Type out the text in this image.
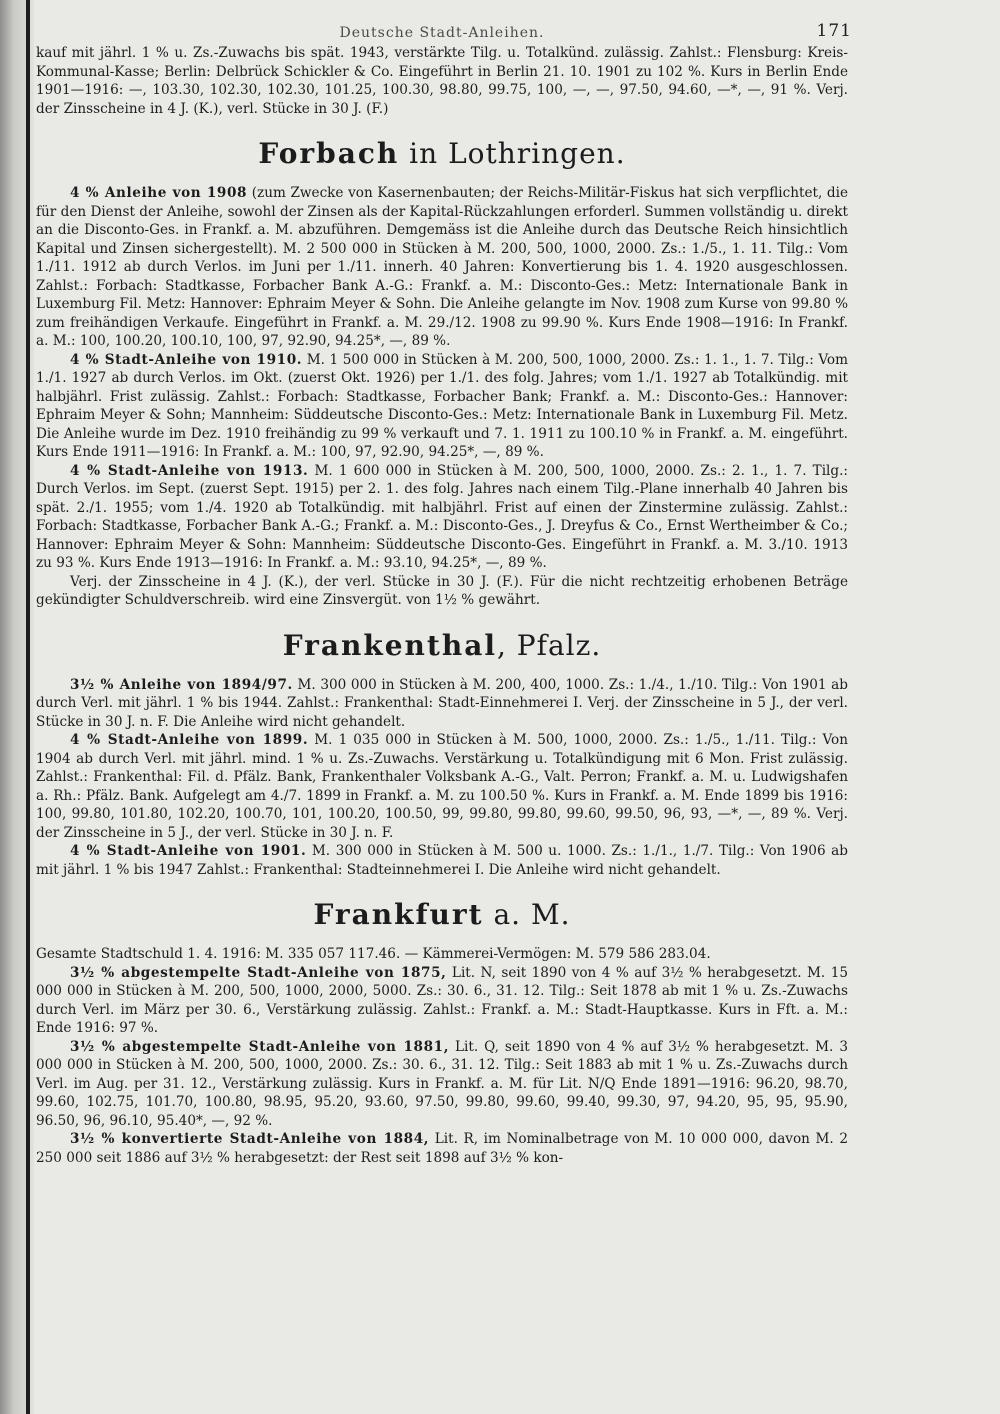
Deutsche Stadt-Anleihen.	171

kauf mit jährl. 1 % u. Zs.-Zuwachs bis spät. 1943, verstärkte Tilg. u. Totalkünd. zulässig. Zahlst.: Flensburg: Kreis-Kommunal-Kasse; Berlin: Delbrück Schickler & Co. Eingeführt in Berlin 21. 10. 1901 zu 102 %. Kurs in Berlin Ende 1901—1916: —, 103.30, 102.30, 102.30, 101.25, 100.30, 98.80, 99.75, 100, —, —, 97.50, 94.60, —*, —, 91 %. Verj. der Zinsscheine in 4 J. (K.), verl. Stücke in 30 J. (F.)

Forbach in Lothringen.

4 % Anleihe von 1908 (zum Zwecke von Kasernenbauten; der Reichs-Militär-Fiskus hat sich verpflichtet, die für den Dienst der Anleihe, sowohl der Zinsen als der Kapital-Rückzahlungen erforderl. Summen vollständig u. direkt an die Disconto-Ges. in Frankf. a. M. abzuführen. Demgemäss ist die Anleihe durch das Deutsche Reich hinsichtlich Kapital und Zinsen sichergestellt). M. 2 500 000 in Stücken à M. 200, 500, 1000, 2000. Zs.: 1./5., 1. 11. Tilg.: Vom 1./11. 1912 ab durch Verlos. im Juni per 1./11. innerh. 40 Jahren: Konvertierung bis 1. 4. 1920 ausgeschlossen. Zahlst.: Forbach: Stadtkasse, Forbacher Bank A.-G.: Frankf. a. M.: Disconto-Ges.: Metz: Internationale Bank in Luxemburg Fil. Metz: Hannover: Ephraim Meyer & Sohn. Die Anleihe gelangte im Nov. 1908 zum Kurse von 99.80 % zum freihändigen Verkaufe. Eingeführt in Frankf. a. M. 29./12. 1908 zu 99.90 %. Kurs Ende 1908—1916: In Frankf. a. M.: 100, 100.20, 100.10, 100, 97, 92.90, 94.25*, —, 89 %.

4 % Stadt-Anleihe von 1910. M. 1 500 000 in Stücken à M. 200, 500, 1000, 2000. Zs.: 1. 1., 1. 7. Tilg.: Vom 1./1. 1927 ab durch Verlos. im Okt. (zuerst Okt. 1926) per 1./1. des folg. Jahres; vom 1./1. 1927 ab Totalkündig. mit halbjährl. Frist zulässig. Zahlst.: Forbach: Stadtkasse, Forbacher Bank; Frankf. a. M.: Disconto-Ges.: Hannover: Ephraim Meyer & Sohn; Mannheim: Süddeutsche Disconto-Ges.: Metz: Internationale Bank in Luxemburg Fil. Metz. Die Anleihe wurde im Dez. 1910 freihändig zu 99 % verkauft und 7. 1. 1911 zu 100.10 % in Frankf. a. M. eingeführt. Kurs Ende 1911—1916: In Frankf. a. M.: 100, 97, 92.90, 94.25*, —, 89 %.

4 % Stadt-Anleihe von 1913. M. 1 600 000 in Stücken à M. 200, 500, 1000, 2000. Zs.: 2. 1., 1. 7. Tilg.: Durch Verlos. im Sept. (zuerst Sept. 1915) per 2. 1. des folg. Jahres nach einem Tilg.-Plane innerhalb 40 Jahren bis spät. 2./1. 1955; vom 1./4. 1920 ab Totalkündig. mit halbjährl. Frist auf einen der Zinstermine zulässig. Zahlst.: Forbach: Stadtkasse, Forbacher Bank A.-G.; Frankf. a. M.: Disconto-Ges., J. Dreyfus & Co., Ernst Wertheimber & Co.; Hannover: Ephraim Meyer & Sohn: Mannheim: Süddeutsche Disconto-Ges. Eingeführt in Frankf. a. M. 3./10. 1913 zu 93 %. Kurs Ende 1913—1916: In Frankf. a. M.: 93.10, 94.25*, —, 89 %.

Verj. der Zinsscheine in 4 J. (K.), der verl. Stücke in 30 J. (F.). Für die nicht rechtzeitig erhobenen Beträge gekündigter Schuldverschreib. wird eine Zinsvergüt. von 1½ % gewährt.

Frankenthal, Pfalz.

3½ % Anleihe von 1894/97. M. 300 000 in Stücken à M. 200, 400, 1000. Zs.: 1./4., 1./10. Tilg.: Von 1901 ab durch Verl. mit jährl. 1 % bis 1944. Zahlst.: Frankenthal: Stadt-Einnehmerei I. Verj. der Zinsscheine in 5 J., der verl. Stücke in 30 J. n. F. Die Anleihe wird nicht gehandelt.

4 % Stadt-Anleihe von 1899. M. 1 035 000 in Stücken à M. 500, 1000, 2000. Zs.: 1./5., 1./11. Tilg.: Von 1904 ab durch Verl. mit jährl. mind. 1 % u. Zs.-Zuwachs. Verstärkung u. Totalkündigung mit 6 Mon. Frist zulässig. Zahlst.: Frankenthal: Fil. d. Pfälz. Bank, Frankenthaler Volksbank A.-G., Valt. Perron; Frankf. a. M. u. Ludwigshafen a. Rh.: Pfälz. Bank. Aufgelegt am 4./7. 1899 in Frankf. a. M. zu 100.50 %. Kurs in Frankf. a. M. Ende 1899 bis 1916: 100, 99.80, 101.80, 102.20, 100.70, 101, 100.20, 100.50, 99, 99.80, 99.80, 99.60, 99.50, 96, 93, —*, —, 89 %. Verj. der Zinsscheine in 5 J., der verl. Stücke in 30 J. n. F.

4 % Stadt-Anleihe von 1901. M. 300 000 in Stücken à M. 500 u. 1000. Zs.: 1./1., 1./7. Tilg.: Von 1906 ab mit jährl. 1 % bis 1947 Zahlst.: Frankenthal: Stadteinnehmerei I. Die Anleihe wird nicht gehandelt.

Frankfurt a. M.

Gesamte Stadtschuld 1. 4. 1916: M. 335 057 117.46. — Kämmerei-Vermögen: M. 579 586 283.04.

3½ % abgestempelte Stadt-Anleihe von 1875, Lit. N, seit 1890 von 4 % auf 3½ % herabgesetzt. M. 15 000 000 in Stücken à M. 200, 500, 1000, 2000, 5000. Zs.: 30. 6., 31. 12. Tilg.: Seit 1878 ab mit 1 % u. Zs.-Zuwachs durch Verl. im März per 30. 6., Verstärkung zulässig. Zahlst.: Frankf. a. M.: Stadt-Hauptkasse. Kurs in Fft. a. M.: Ende 1916: 97 %.

3½ % abgestempelte Stadt-Anleihe von 1881, Lit. Q, seit 1890 von 4 % auf 3½ % herabgesetzt. M. 3 000 000 in Stücken à M. 200, 500, 1000, 2000. Zs.: 30. 6., 31. 12. Tilg.: Seit 1883 ab mit 1 % u. Zs.-Zuwachs durch Verl. im Aug. per 31. 12., Verstärkung zulässig. Kurs in Frankf. a. M. für Lit. N/Q Ende 1891—1916: 96.20, 98.70, 99.60, 102.75, 101.70, 100.80, 98.95, 95.20, 93.60, 97.50, 99.80, 99.60, 99.40, 99.30, 97, 94.20, 95, 95, 95.90, 96.50, 96, 96.10, 95.40*, —, 92 %.

3½ % konvertierte Stadt-Anleihe von 1884, Lit. R, im Nominalbetrage von M. 10 000 000, davon M. 2 250 000 seit 1886 auf 3½ % herabgesetzt: der Rest seit 1898 auf 3½ % kon-
